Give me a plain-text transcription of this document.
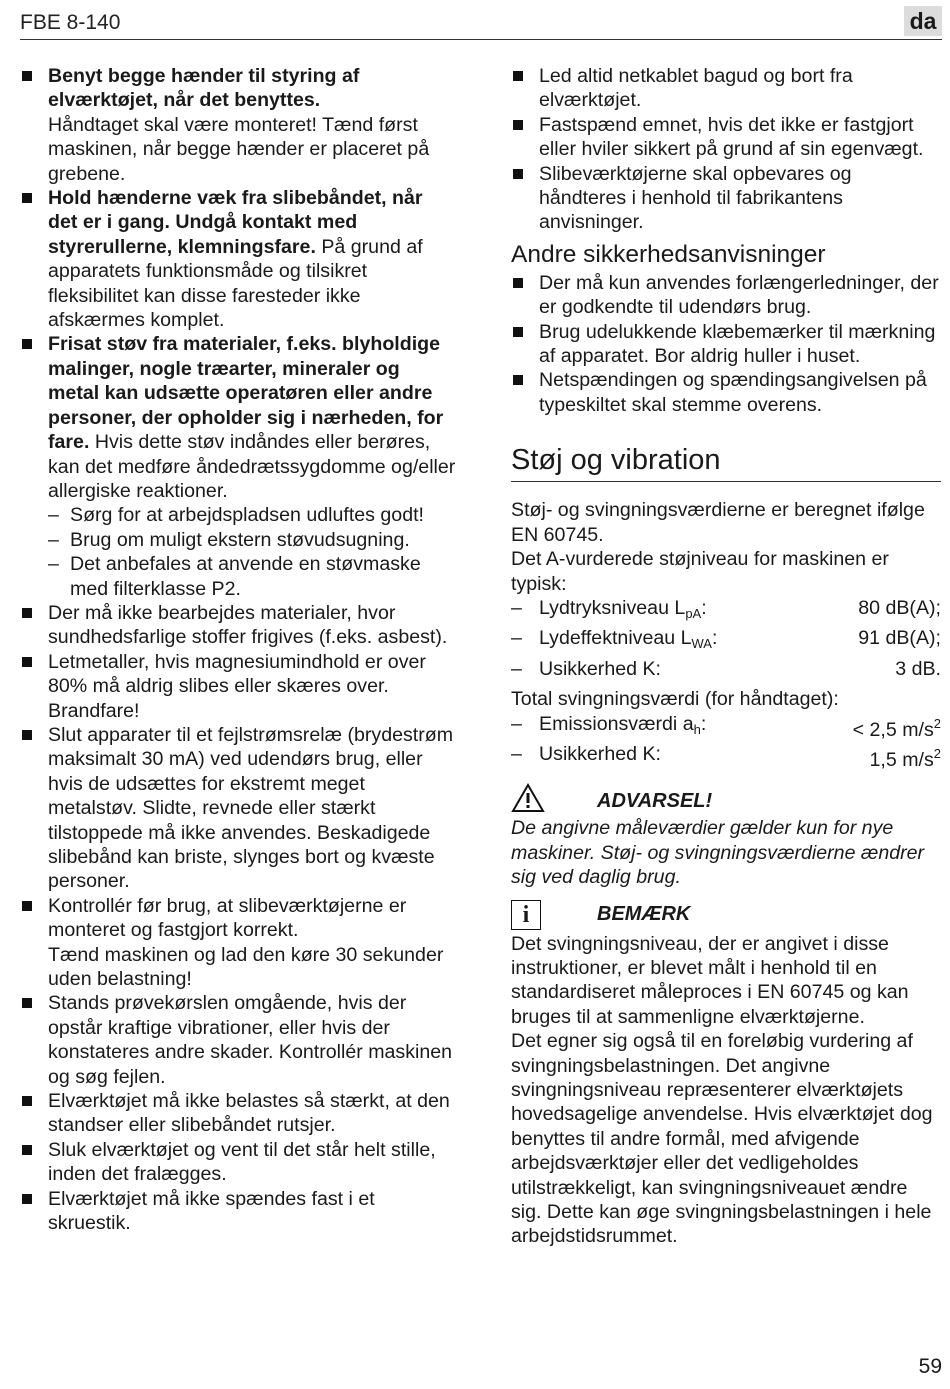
FBE 8-140	da
Benyt begge hænder til styring af elværktøjet, når det benyttes.
Håndtaget skal være monteret! Tænd først maskinen, når begge hænder er placeret på grebene.
Hold hænderne væk fra slibebåndet, når det er i gang. Undgå kontakt med styrerullerne, klemningsfare. På grund af apparatets funktionsmåde og tilsikret fleksibilitet kan disse faresteder ikke afskærmes komplet.
Frisat støv fra materialer, f.eks. blyholdige malinger, nogle træarter, mineraler og metal kan udsætte operatøren eller andre personer, der opholder sig i nærheden, for fare. Hvis dette støv indåndes eller berøres, kan det medføre åndedrætssygdomme og/eller allergiske reaktioner.
– Sørg for at arbejdspladsen udluftes godt!
– Brug om muligt ekstern støvudsugning.
– Det anbefales at anvende en støvmaske med filterklasse P2.
Der må ikke bearbejdes materialer, hvor sundhedsfarlige stoffer frigives (f.eks. asbest).
Letmetaller, hvis magnesiumindhold er over 80% må aldrig slibes eller skæres over. Brandfare!
Slut apparater til et fejlstrømsrelæ (brydestrøm maksimalt 30 mA) ved udendørs brug, eller hvis de udsættes for ekstremt meget metalstøv. Slidte, revnede eller stærkt tilstoppede må ikke anvendes. Beskadigede slibebånd kan briste, slynges bort og kvæste personer.
Kontrollér før brug, at slibeværktøjerne er monteret og fastgjort korrekt.
Tænd maskinen og lad den køre 30 sekunder uden belastning!
Stands prøvekørslen omgående, hvis der opstår kraftige vibrationer, eller hvis der konstateres andre skader. Kontrollér maskinen og søg fejlen.
Elværktøjet må ikke belastes så stærkt, at den standser eller slibebåndet rutsjer.
Sluk elværktøjet og vent til det står helt stille, inden det fralægges.
Elværktøjet må ikke spændes fast i et skruestik.
Led altid netkablet bagud og bort fra elværktøjet.
Fastspænd emnet, hvis det ikke er fastgjort eller hviler sikkert på grund af sin egenvægt.
Slibeværktøjerne skal opbevares og håndteres i henhold til fabrikantens anvisninger.
Andre sikkerhedsanvisninger
Der må kun anvendes forlængerledninger, der er godkendte til udendørs brug.
Brug udelukkende klæbemærker til mærkning af apparatet. Bor aldrig huller i huset.
Netspændingen og spændingsangivelsen på typeskiltet skal stemme overens.
Støj og vibration

Støj- og svingningsværdierne er beregnet ifølge EN 60745.

Det A-vurderede støjniveau for maskinen er typisk:

– Lydtryksniveau $L_{pA}$:	80 dB(A);
– Lydeffektniveau $L_{WA}$:	91 dB(A);
– Usikkerhed K:	3 dB.

Total svingningsværdi (for håndtaget):

– Emissionsværdi $a_h$:	< 2,5 $m/s^2$
– Usikkerhed K:	1,5 $m/s^2$
ADVARSEL!

De angivne måleværdier gælder kun for nye maskiner. Støj- og svingningsværdierne ændrer sig ved daglig brug.

i	BEMÆRK

Det svingningsniveau, der er angivet i disse instruktioner, er blevet målt i henhold til en standardiseret måleproces i EN 60745 og kan bruges til at sammenligne elværktøjerne.

Det egner sig også til en foreløbig vurdering af svingningsbelastningen. Det angivne svingningsniveau repræsenterer elværktøjets hovedsagelige anvendelse. Hvis elværktøjet dog benyttes til andre formål, med afvigende arbejdsværktøjer eller det vedligeholdes utilstrækkeligt, kan svingningsniveauet ændre sig. Dette kan øge svingningsbelastningen i hele arbejdstidsrummet.

59
